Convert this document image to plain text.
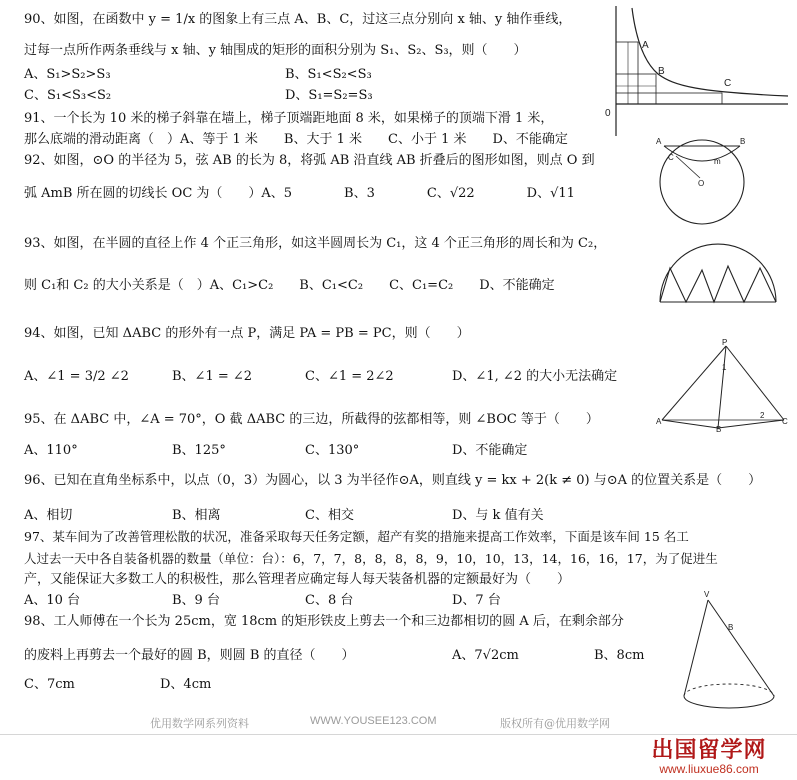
90、如图，在函数中 y = 1/x 的图象上有三点 A、B、C，过这三点分别向 x 轴、y 轴作垂线，
过每一点所作两条垂线与 x 轴、y 轴围成的矩形的面积分别为 S₁、S₂、S₃，则（　　）
A、S₁>S₂>S₃	B、S₁<S₂<S₃
C、S₁<S₃<S₂	D、S₁=S₂=S₃
91、一个长为 10 米的梯子斜靠在墙上，梯子顶端距地面 8 米，如果梯子的顶端下滑 1 米，
那么底端的滑动距离（　）A、等于 1 米　　B、大于 1 米　　C、小于 1 米　　D、不能确定
92、如图，⊙O 的半径为 5，弦 AB 的长为 8，将弧 AB 沿直线 AB 折叠后的图形如图，则点 O 到
弧 AmB 所在圆的切线长 OC 为（　　）A、5　　　　B、3　　　　C、√22　　　　D、√11
93、如图，在半圆的直径上作 4 个正三角形，如这半圆周长为 C₁，这 4 个正三角形的周长和为 C₂，
则 C₁和 C₂ 的大小关系是（　）A、C₁>C₂　　B、C₁<C₂　　C、C₁=C₂　　D、不能确定
94、如图，已知 ΔABC 的形外有一点 P，满足 PA = PB = PC，则（　　）
A、∠1 = 3/2 ∠2	B、∠1 = ∠2	C、∠1 = 2∠2	D、∠1, ∠2 的大小无法确定
95、在 ΔABC 中，∠A = 70°，O 截 ΔABC 的三边，所截得的弦都相等，则 ∠BOC 等于（　　）
A、110°	B、125°	C、130°	D、不能确定
96、已知在直角坐标系中，以点（0，3）为圆心，以 3 为半径作⊙A，则直线 y = kx + 2(k ≠ 0) 与⊙A 的位置关系是（　　）
A、相切	B、相离	C、相交	D、与 k 值有关
97、某车间为了改善管理松散的状况，准备采取每天任务定额，超产有奖的措施来提高工作效率，下面是该车间 15 名工
人过去一天中各自装备机器的数量（单位：台）：6，7，7，8，8，8，8，9，10，10，13，14，16，16，17，为了促进生
产，又能保证大多数工人的积极性，那么管理者应确定每人每天装备机器的定额最好为（　　）
A、10 台	B、9 台	C、8 台	D、7 台
98、工人师傅在一个长为 25cm，宽 18cm 的矩形铁皮上剪去一个和三边都相切的圆 A 后，在剩余部分
的废料上再剪去一个最好的圆 B，则圆 B 的直径（　　）	A、7√2cm	B、8cm
C、7cm	D、4cm
A
B
C
0
A	B
C	m
O
P
1
2
A
B
C
V
B
优用数学网系列资料	WWW.YOUSEE123.COM	版权所有@优用数学网
出国留学网
www.liuxue86.com
